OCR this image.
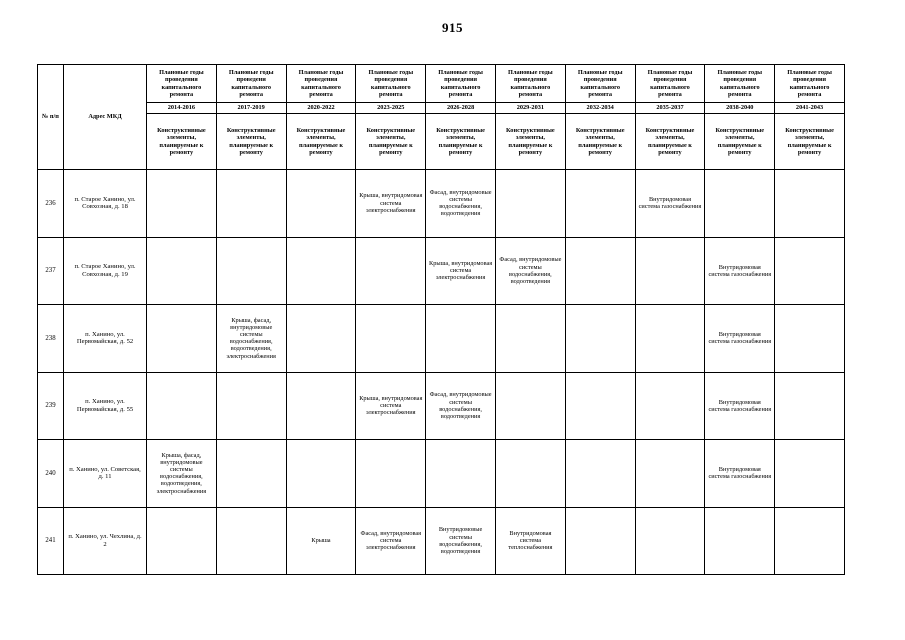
915
№ п/п	Адрес МКД	Плановые годы проведения капитального ремонта	Плановые годы проведени капитального ремонта	Плановые годы проведения капитального ремонта	Плановые годы проведения капитального ремонта	Плановые годы проведения капитального ремонта	Плановые годы проведения капитального ремонта	Плановые годы проведения капитального ремонта	Плановые годы проведения капитального ремонта	Плановые годы проведения капитального ремонта	Плановые годы проведения капитального ремонта
		2014-2016	2017-2019	2020-2022	2023-2025	2026-2028	2029-2031	2032-2034	2035-2037	2038-2040	2041-2043
		Конструктивные элементы, планируемые к ремонту	Конструктивные элементы, планируемые к ремонту	Конструктивные элементы, планируемые к ремонту	Конструктивные элементы, планируемые к ремонту	Конструктивные элементы, планируемые к ремонту	Конструктивные элементы, планируемые к ремонту	Конструктивные элементы, планируемые к ремонту	Конструктивные элементы, планируемые к ремонту	Конструктивные элементы, планируемые к ремонту	Конструктивные элементы, планируемые к ремонту
236	п. Старое Ханино, ул. Совхозная, д. 18				Крыша, внутридомовая система электроснабжения	Фасад, внутридомовые системы водоснабжения, водоотведения			Внутридомовая система газоснабжения		
237	п. Старое Ханино, ул. Совхозная, д. 19					Крыша, внутридомовая система электроснабжения	Фасад, внутридомовые системы водоснабжения, водоотведения			Внутридомовая система газоснабжения	
238	п. Ханино, ул. Первомайская, д. 52		Крыша, фасад, внутридомовые системы водоснабжения, водоотведения, электроснабжения							Внутридомовая система газоснабжения	
239	п. Ханино, ул. Первомайская, д. 55				Крыша, внутридомовая система электроснабжения	Фасад, внутридомовые системы водоснабжения, водоотведения				Внутридомовая система газоснабжения	
240	п. Ханино, ул. Советская, д. 11	Крыша, фасад, внутридомовые системы водоснабжения, водоотведения, электроснабжения								Внутридомовая система газоснабжения	
241	п. Ханино, ул. Чехлина, д. 2			Крыша	Фасад, внутридомовая система электроснабжения	Внутридомовые системы водоснабжения, водоотведения	Внутридомовая система теплоснабжения				
